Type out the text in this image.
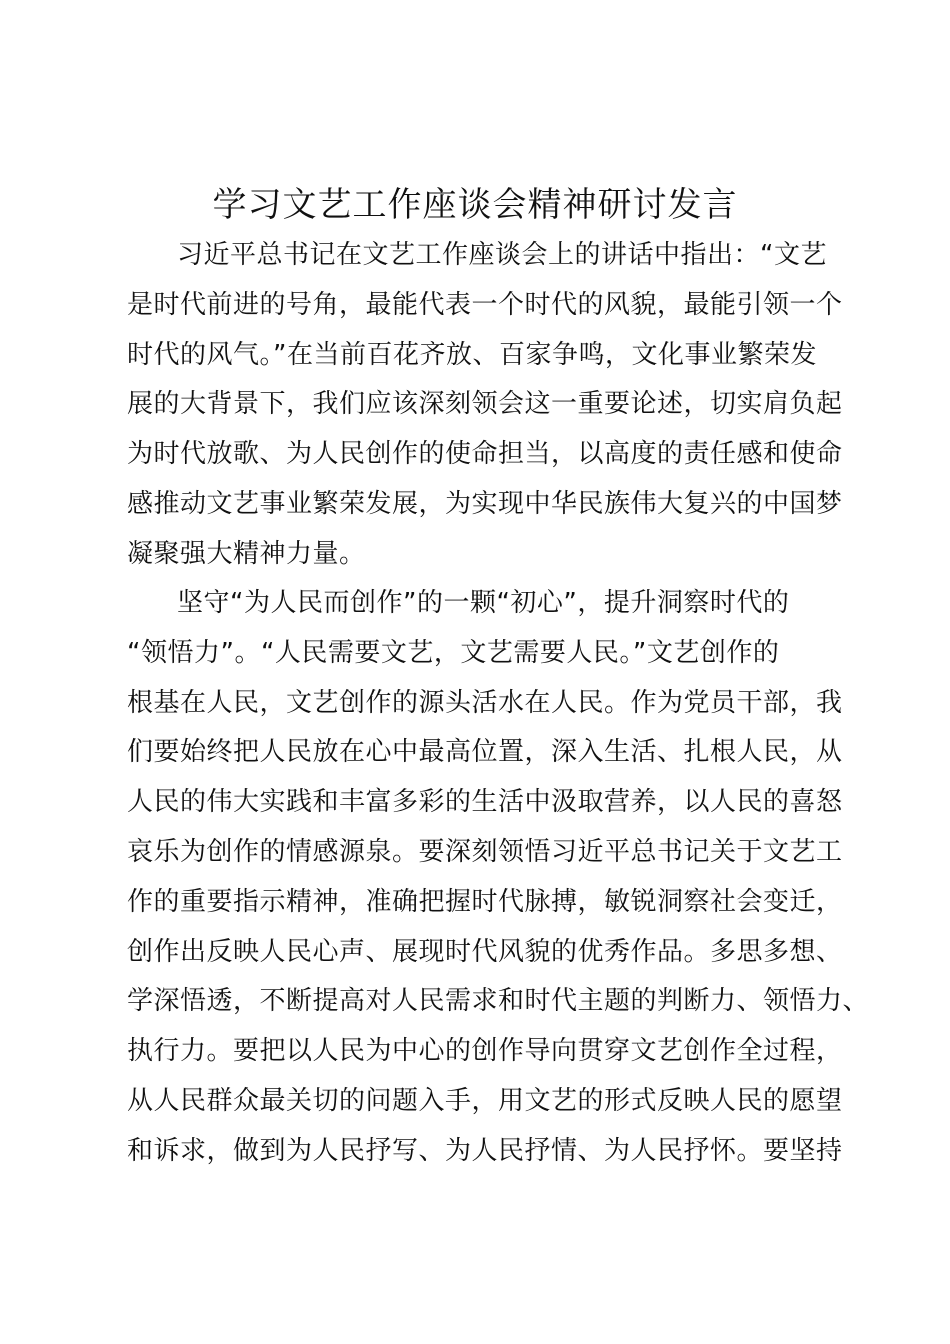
学习文艺工作座谈会精神研讨发言
习近平总书记在文艺工作座谈会上的讲话中指出：“文艺
是时代前进的号角，最能代表一个时代的风貌，最能引领一个
时代的风气。”在当前百花齐放、百家争鸣，文化事业繁荣发
展的大背景下，我们应该深刻领会这一重要论述，切实肩负起
为时代放歌、为人民创作的使命担当，以高度的责任感和使命
感推动文艺事业繁荣发展，为实现中华民族伟大复兴的中国梦
凝聚强大精神力量。
坚守“为人民而创作”的一颗“初心”，提升洞察时代的
“领悟力”。“人民需要文艺，文艺需要人民。”文艺创作的
根基在人民，文艺创作的源头活水在人民。作为党员干部，我
们要始终把人民放在心中最高位置，深入生活、扎根人民，从
人民的伟大实践和丰富多彩的生活中汲取营养，以人民的喜怒
哀乐为创作的情感源泉。要深刻领悟习近平总书记关于文艺工
作的重要指示精神，准确把握时代脉搏，敏锐洞察社会变迁，
创作出反映人民心声、展现时代风貌的优秀作品。多思多想、
学深悟透，不断提高对人民需求和时代主题的判断力、领悟力、
执行力。要把以人民为中心的创作导向贯穿文艺创作全过程，
从人民群众最关切的问题入手，用文艺的形式反映人民的愿望
和诉求，做到为人民抒写、为人民抒情、为人民抒怀。要坚持
